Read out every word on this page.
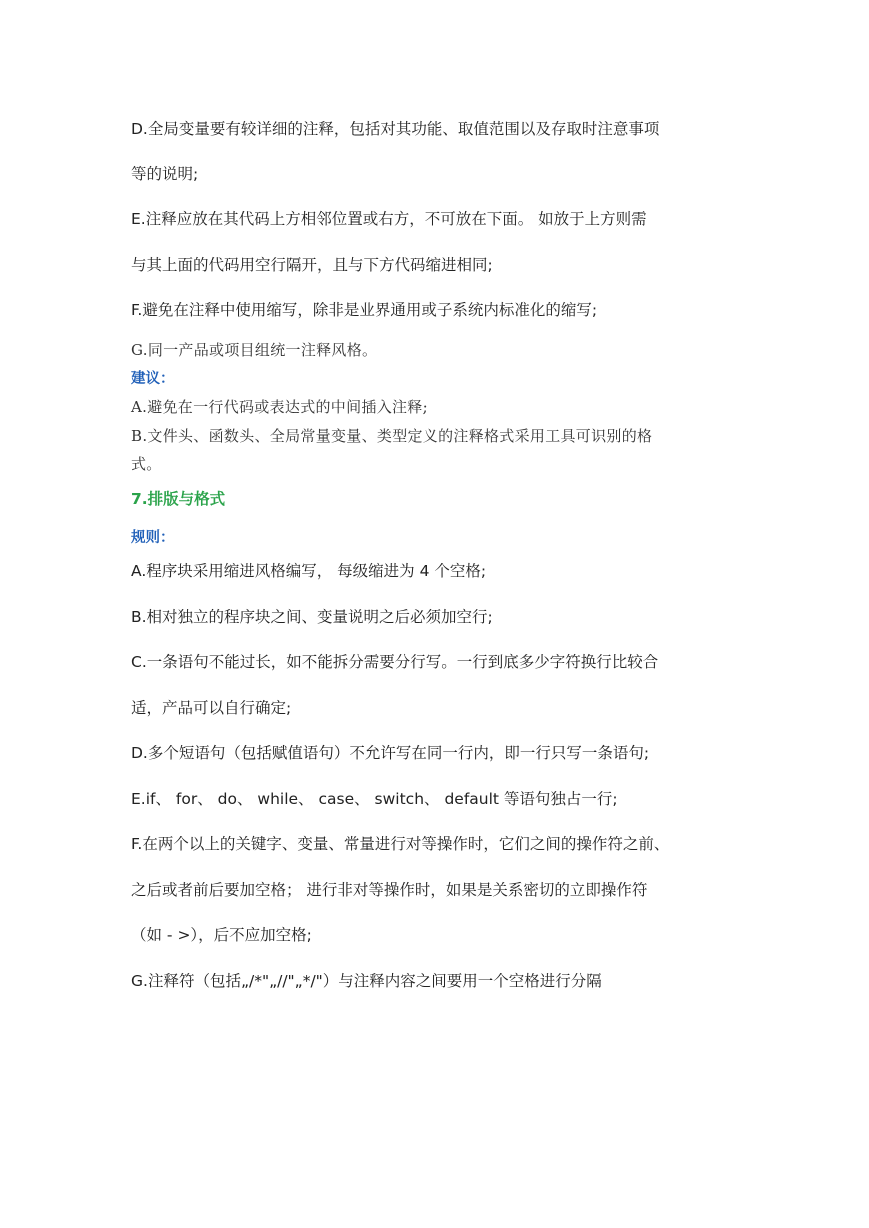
D.全局变量要有较详细的注释，包括对其功能、取值范围以及存取时注意事项
等的说明;
E.注释应放在其代码上方相邻位置或右方，不可放在下面。 如放于上方则需
与其上面的代码用空行隔开，且与下方代码缩进相同;
F.避免在注释中使用缩写，除非是业界通用或子系统内标准化的缩写;
G.同一产品或项目组统一注释风格。
建议：
A.避免在一行代码或表达式的中间插入注释;
B.文件头、函数头、全局常量变量、类型定义的注释格式采用工具可识别的格
式。
7.排版与格式
规则：
A.程序块采用缩进风格编写， 每级缩进为 4 个空格;
B.相对独立的程序块之间、变量说明之后必须加空行;
C.一条语句不能过长，如不能拆分需要分行写。一行到底多少字符换行比较合
适，产品可以自行确定;
D.多个短语句（包括赋值语句）不允许写在同一行内，即一行只写一条语句;
E.if、 for、 do、 while、 case、 switch、 default 等语句独占一行;
F.在两个以上的关键字、变量、常量进行对等操作时，它们之间的操作符之前、
之后或者前后要加空格； 进行非对等操作时，如果是关系密切的立即操作符
（如 - >），后不应加空格;
G.注释符（包括„/*"„//"„*/"）与注释内容之间要用一个空格进行分隔
